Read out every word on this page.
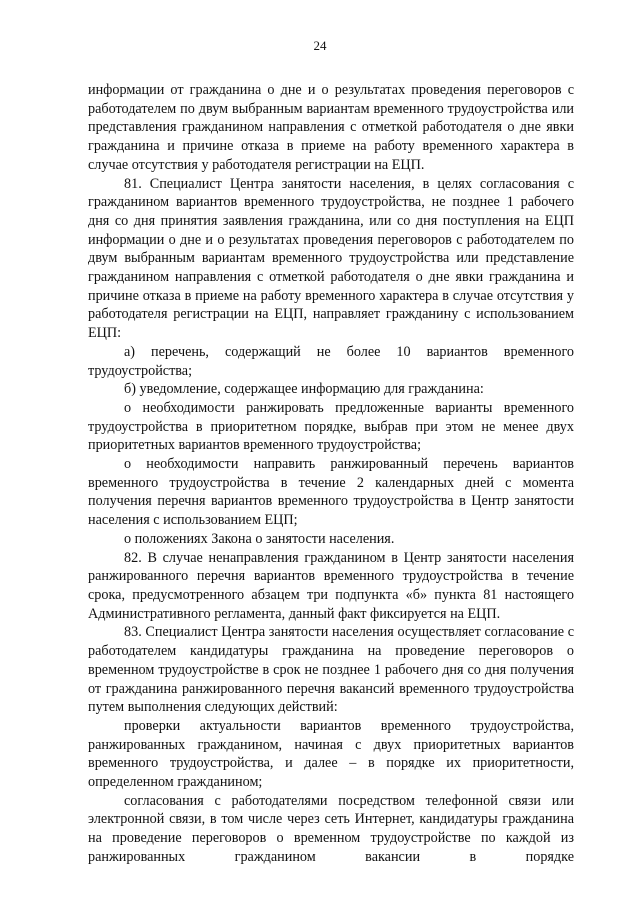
24

информации от гражданина о дне и о результатах проведения переговоров с работодателем по двум выбранным вариантам временного трудоустройства или представления гражданином направления с отметкой работодателя о дне явки гражданина и причине отказа в приеме на работу временного характера в случае отсутствия у работодателя регистрации на ЕЦП.

81. Специалист Центра занятости населения, в целях согласования с гражданином вариантов временного трудоустройства, не позднее 1 рабочего дня со дня принятия заявления гражданина, или со дня поступления на ЕЦП информации о дне и о результатах проведения переговоров с работодателем по двум выбранным вариантам временного трудоустройства или представление гражданином направления с отметкой работодателя о дне явки гражданина и причине отказа в приеме на работу временного характера в случае отсутствия у работодателя регистрации на ЕЦП, направляет гражданину с использованием ЕЦП:

а) перечень, содержащий не более 10 вариантов временного трудоустройства;

б) уведомление, содержащее информацию для гражданина:

о необходимости ранжировать предложенные варианты временного трудоустройства в приоритетном порядке, выбрав при этом не менее двух приоритетных вариантов временного трудоустройства;

о необходимости направить ранжированный перечень вариантов временного трудоустройства в течение 2 календарных дней с момента получения перечня вариантов временного трудоустройства в Центр занятости населения с использованием ЕЦП;

о положениях Закона о занятости населения.

82. В случае ненаправления гражданином в Центр занятости населения ранжированного перечня вариантов временного трудоустройства в течение срока, предусмотренного абзацем три подпункта «б» пункта 81 настоящего Административного регламента, данный факт фиксируется на ЕЦП.

83. Специалист Центра занятости населения осуществляет согласование с работодателем кандидатуры гражданина на проведение переговоров о временном трудоустройстве в срок не позднее 1 рабочего дня со дня получения от гражданина ранжированного перечня вакансий временного трудоустройства путем выполнения следующих действий:

проверки актуальности вариантов временного трудоустройства, ранжированных гражданином, начиная с двух приоритетных вариантов временного трудоустройства, и далее – в порядке их приоритетности, определенном гражданином;

согласования с работодателями посредством телефонной связи или электронной связи, в том числе через сеть Интернет, кандидатуры гражданина на проведение переговоров о временном трудоустройстве по каждой из ранжированных гражданином вакансии в порядке
